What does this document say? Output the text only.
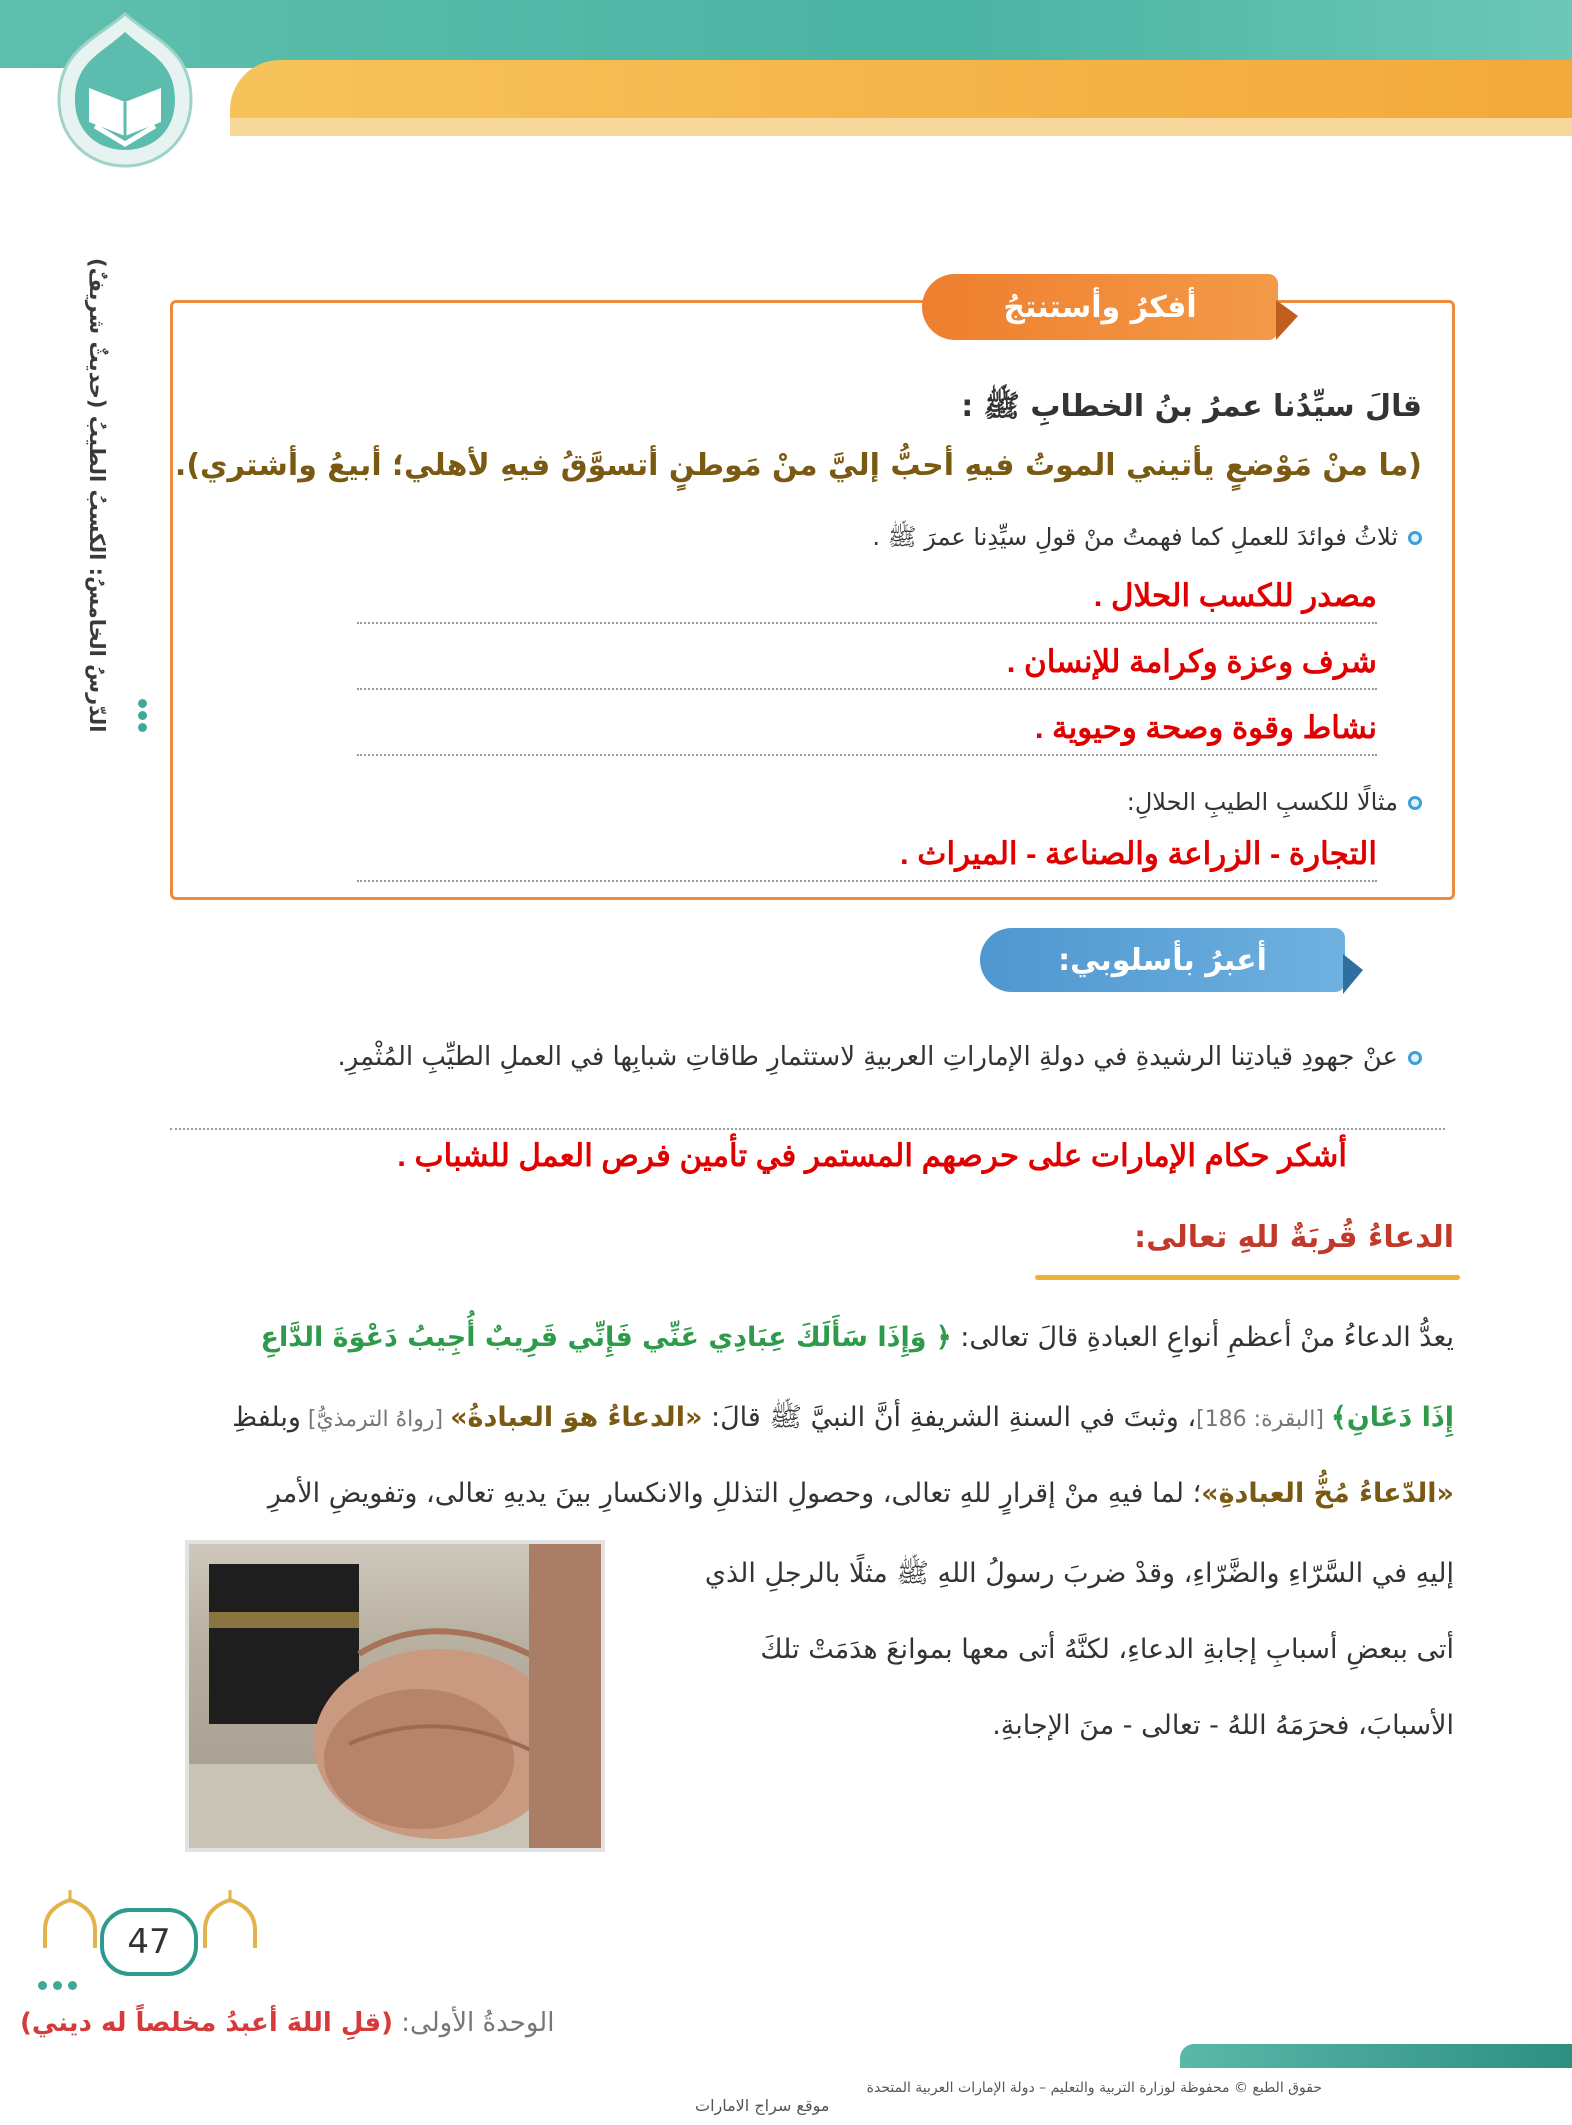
الدّرسُ الخامسُ: الكسبُ الطيبُ (حديثٌ شريفٌ)	أفكرُ وأستنتجُ
قالَ سيِّدُنا عمرُ بنُ الخطابِ ﷺ :
(ما منْ مَوْضعٍ يأتيني الموتُ فيهِ أحبُّ إليَّ منْ مَوطنٍ أتسوَّقُ فيهِ لأهلي؛ أبيعُ وأشتري).
ثلاثُ فوائدَ للعملِ كما فهمتُ منْ قولِ سيِّدِنا عمرَ ﷺ .
مصدر للكسب الحلال .
شرف وعزة وكرامة للإنسان .
نشاط وقوة وصحة وحيوية .
مثالًا للكسبِ الطيبِ الحلالِ:
التجارة - الزراعة والصناعة - الميراث .
أعبرُ بأسلوبي:
عنْ جهودِ قيادتِنا الرشيدةِ في دولةِ الإماراتِ العربيةِ لاستثمارِ طاقاتِ شبابِها في العملِ الطيِّبِ المُثْمِرِ.
أشكر حكام الإمارات على حرصهم المستمر في تأمين فرص العمل للشباب .
الدعاءُ قُربَةٌ للهِ تعالى:
يعدُّ الدعاءُ منْ أعظمِ أنواعِ العبادةِ قالَ تعالى: ﴿ وَإِذَا سَأَلَكَ عِبَادِي عَنِّي فَإِنِّي قَرِيبٌ أُجِيبُ دَعْوَةَ الدَّاعِ
إِذَا دَعَانِ﴾ [البقرة: 186]، وثبتَ في السنةِ الشريفةِ أنَّ النبيَّ ﷺ قالَ: «الدعاءُ هوَ العبادةُ» [رواهُ الترمذيُّ] وبلفظِ
«الدّعاءُ مُخُّ العبادةِ»؛ لما فيهِ منْ إقرارٍ للهِ تعالى، وحصولِ التذللِ والانكسارِ بينَ يديهِ تعالى، وتفويضِ الأمرِ
إليهِ في السَّرّاءِ والضَّرّاءِ، وقدْ ضربَ رسولُ اللهِ ﷺ مثلًا بالرجلِ الذي
أتى ببعضِ أسبابِ إجابةِ الدعاءِ، لكنَّهُ أتى معها بموانعَ هدَمَتْ تلكَ
الأسبابَ، فحرَمَهُ اللهُ - تعالى - منَ الإجابةِ.
47
الوحدةُ الأولى: (قلِ اللهَ أعبدُ مخلصاً له ديني)
حقوق الطبع © محفوظة لوزارة التربية والتعليم – دولة الإمارات العربية المتحدة
موقع سراج الامارات
